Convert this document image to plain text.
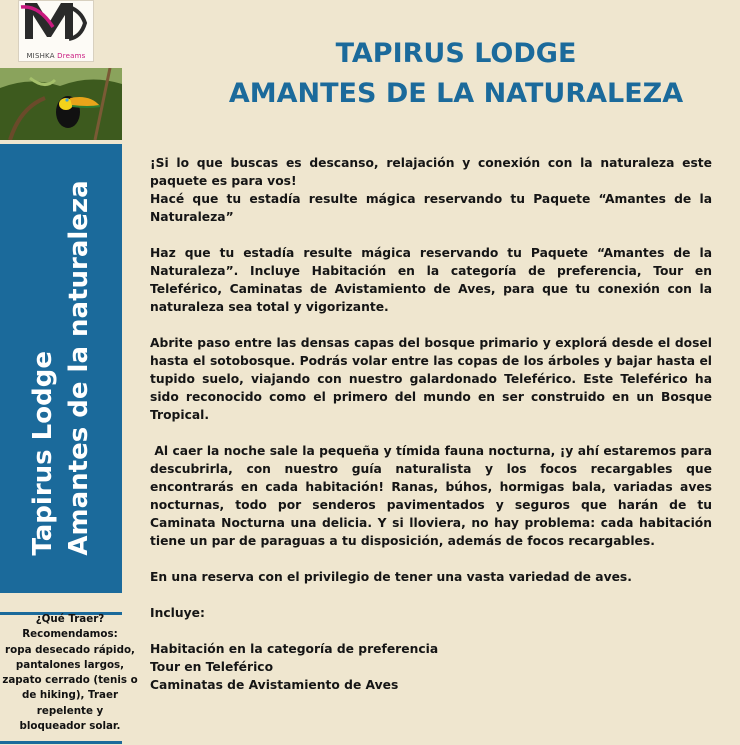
MISHKA Dreams
Tapirus Lodge Amantes de la naturaleza
¿Qué Traer?
Recomendamos:
ropa desecado rápido, pantalones largos, zapato cerrado (tenis o de hiking), Traer repelente y bloqueador solar.
TAPIRUS LODGE
AMANTES DE LA NATURALEZA

¡Si lo que buscas es descanso, relajación y conexión con la naturaleza este paquete es para vos!
Hacé que tu estadía resulte mágica reservando tu Paquete “Amantes de la Naturaleza”

Haz que tu estadía resulte mágica reservando tu Paquete “Amantes de la Naturaleza”. Incluye Habitación en la categoría de preferencia, Tour en Teleférico, Caminatas de Avistamiento de Aves, para que tu conexión con la naturaleza sea total y vigorizante.

Abrite paso entre las densas capas del bosque primario y explorá desde el dosel hasta el sotobosque. Podrás volar entre las copas de los árboles y bajar hasta el tupido suelo, viajando con nuestro galardonado Teleférico. Este Teleférico ha sido reconocido como el primero del mundo en ser construido en un Bosque Tropical.

Al caer la noche sale la pequeña y tímida fauna nocturna, ¡y ahí estaremos para descubrirla, con nuestro guía naturalista y los focos recargables que encontrarás en cada habitación! Ranas, búhos, hormigas bala, variadas aves nocturnas, todo por senderos pavimentados y seguros que harán de tu Caminata Nocturna una delicia. Y si lloviera, no hay problema: cada habitación tiene un par de paraguas a tu disposición, además de focos recargables.

En una reserva con el privilegio de tener una vasta variedad de aves.

Incluye:

Habitación en la categoría de preferencia
Tour en Teleférico
Caminatas de Avistamiento de Aves
